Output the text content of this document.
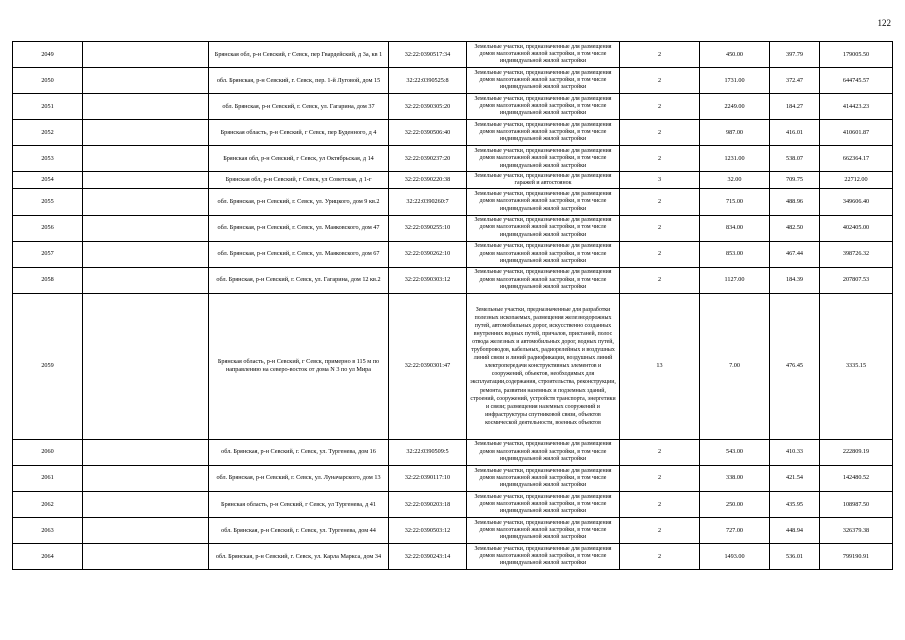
122
2049		Брянская обл, р-н Севский, г Севск, пер Гвардейский, д 3а, кв 1	32:22:0390517:34	Земельные участки, предназначенные для размещения домов малоэтажной жилой застройки, в том числе индивидуальной жилой застройки	2	450.00	397.79	179005.50
2050		обл. Брянская, р-н Севский, г. Севск, пер. 1-й Луговой, дом 15	32:22:0390525:8	Земельные участки, предназначенные для размещения домов малоэтажной жилой застройки, в том числе индивидуальной жилой застройки	2	1731.00	372.47	644745.57
2051		обл. Брянская, р-н Севский, г. Севск, ул. Гагарина, дом 37	32:22:0390305:20	Земельные участки, предназначенные для размещения домов малоэтажной жилой застройки, в том числе индивидуальной жилой застройки	2	2249.00	184.27	414423.23
2052		Брянская область, р-н Севский, г Севск, пер Буденного, д 4	32:22:0390506:40	Земельные участки, предназначенные для размещения домов малоэтажной жилой застройки, в том числе индивидуальной жилой застройки	2	987.00	416.01	410601.87
2053		Брянская обл, р-н Севский, г Севск, ул Октябрьская, д 14	32:22:0390237:20	Земельные участки, предназначенные для размещения домов малоэтажной жилой застройки, в том числе индивидуальной жилой застройки	2	1231.00	538.07	662364.17
2054		Брянская обл, р-н Севский, г Севск, ул Советская, д 1-г	32:22:0390220:38	Земельные участки, предназначенные для размещения гаражей и автостоянок	3	32.00	709.75	22712.00
2055		обл. Брянская, р-н Севский, г. Севск, ул. Урицкого, дом 9 кв.2	32:22:0390260:7	Земельные участки, предназначенные для размещения домов малоэтажной жилой застройки, в том числе индивидуальной жилой застройки	2	715.00	488.96	349606.40
2056		обл. Брянская, р-н Севский, г. Севск, ул. Маяковского, дом 47	32:22:0390255:10	Земельные участки, предназначенные для размещения домов малоэтажной жилой застройки, в том числе индивидуальной жилой застройки	2	834.00	482.50	402405.00
2057		обл. Брянская, р-н Севский, г. Севск, ул. Маяковского, дом 67	32:22:0390262:10	Земельные участки, предназначенные для размещения домов малоэтажной жилой застройки, в том числе индивидуальной жилой застройки	2	853.00	467.44	398726.32
2058		обл. Брянская, р-н Севский, г. Севск, ул. Гагарина, дом 12 кв.2	32:22:0390303:12	Земельные участки, предназначенные для размещения домов малоэтажной жилой застройки, в том числе индивидуальной жилой застройки	2	1127.00	184.39	207807.53
2059		Брянская область, р-н Севский, г Севск, примерно в 115 м по направлению на северо-восток от дома N 3 по ул Мира	32:22:0390301:47	Земельные участки, предназначенные для разработки полезных ископаемых, размещения железнодорожных путей, автомобильных дорог, искусственно созданных внутренних водных путей, причалов, пристаней, полос отвода железных и автомобильных дорог, водных путей, трубопроводов, кабельных, радиорелейных и воздушных линий связи и линий радиофикации, воздушных линий электропередачи конструктивных элементов и сооружений, объектов, необходимых для эксплуатации,содержания, строительства, реконструкции, ремонта, развития наземных и подземных зданий, строений, сооружений, устройств транспорта, энергетики и связи; размещения наземных сооружений и инфраструктуры спутниковой связи, объектов космической деятельности, военных объектов	13	7.00	476.45	3335.15
2060		обл. Брянская, р-н Севский, г. Севск, ул. Тургенева, дом 16	32:22:0390509:5	Земельные участки, предназначенные для размещения домов малоэтажной жилой застройки, в том числе индивидуальной жилой застройки	2	543.00	410.33	222809.19
2061		обл. Брянская, р-н Севский, г. Севск, ул. Луначарского, дом 13	32:22:0390117:10	Земельные участки, предназначенные для размещения домов малоэтажной жилой застройки, в том числе индивидуальной жилой застройки	2	338.00	421.54	142480.52
2062		Брянская область, р-н Севский, г Севск, ул Тургенева, д 41	32:22:0390203:18	Земельные участки, предназначенные для размещения домов малоэтажной жилой застройки, в том числе индивидуальной жилой застройки	2	250.00	435.95	108987.50
2063		обл. Брянская, р-н Севский, г. Севск, ул. Тургенева, дом 44	32:22:0390503:12	Земельные участки, предназначенные для размещения домов малоэтажной жилой застройки, в том числе индивидуальной жилой застройки	2	727.00	448.94	326379.38
2064		обл. Брянская, р-н Севский, г. Севск, ул. Карла Маркса, дом 34	32:22:0390243:14	Земельные участки, предназначенные для размещения домов малоэтажной жилой застройки, в том числе индивидуальной жилой застройки	2	1493.00	536.01	799190.91
